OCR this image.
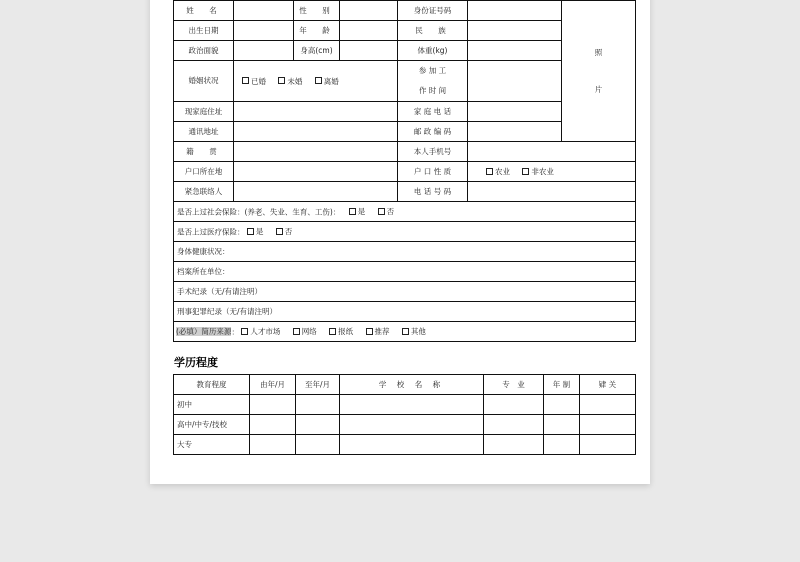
姓　名		性　别		身份证号码		照
片

出生日期		年　龄		民　族		
政治面貌		身高(cm)		体重(kg)		
婚姻状况	已婚 未婚 离婚			参 加 工
作 时 间		

现家庭住址				家 庭 电 话		
通讯地址				邮 政 编 码		
籍　贯				本人手机号		
户口所在地				户 口 性 质	农业 非农业	
紧急联络人				电 话 号 码		
是否上过社会保险：(养老、失业、生育、工伤)： 是 否						
是否上过医疗保险： 是 否						
身体健康状况：						
档案所在单位：						
手术纪录（无/有请注明）						
刑事犯罪纪录（无/有请注明）						
(必填）简历来源： 人才市场 网络 报纸 推荐 其他						
学历程度
教育程度	由年/月	至年/月	学 校 名 称	专　业	年 制	肄 关
初中						
高中/中专/技校						
大专						
